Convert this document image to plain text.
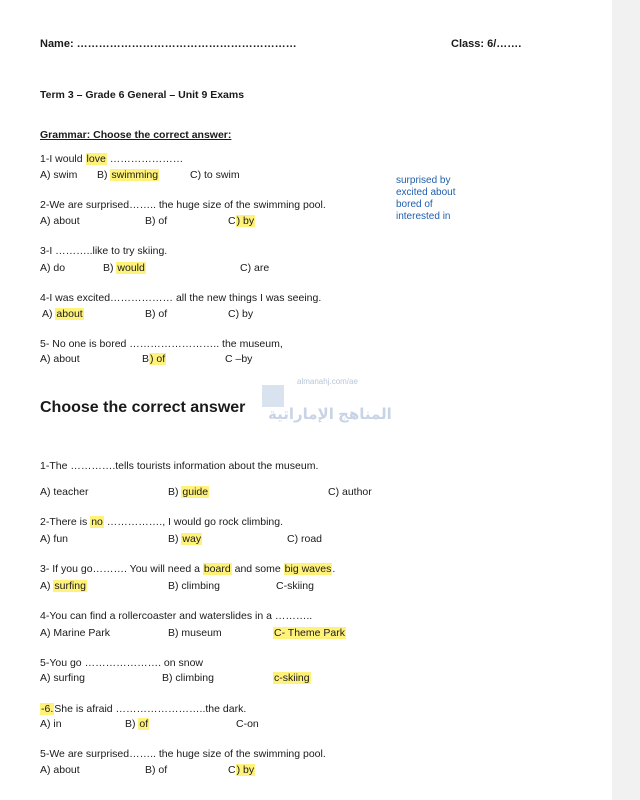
Name: ……………………………………………………	Class: 6/…….
Term 3 – Grade 6 General – Unit 9 Exams
Grammar: Choose the correct answer:
1-I would love …………………
A) swim B) swimming	C) to swim	surprised by
excited about
bored of
interested in
2-We are surprised…….. the huge size of the swimming pool.
A) about	B) of	C) by
3-I ………..like to try skiing.
A) do	B) would	C) are
4-I was excited……………… all the new things I was seeing.
A) about	B) of	C) by
5- No one is bored …………………….. the museum,
A) about	B) of	C –by
almanahj.com/ae
المناهج الإماراتية
Choose the correct answer
1-The ………….tells tourists information about the museum.
A) teacher	B) guide	C) author
2-There is no ……………., I would go rock climbing.
A) fun	B) way	C) road
3- If you go………. You will need a board and some big waves.
A) surfing	B) climbing	C-skiing
4-You can find a rollercoaster and waterslides in a ………..
A) Marine Park	B) museum	C- Theme Park
5-You go …………………. on snow
A) surfing	B) climbing	c-skiing
-6.She is afraid ……………………..the dark.
A) in	B) of	C-on
5-We are surprised…….. the huge size of the swimming pool.
A) about	B) of	C) by
